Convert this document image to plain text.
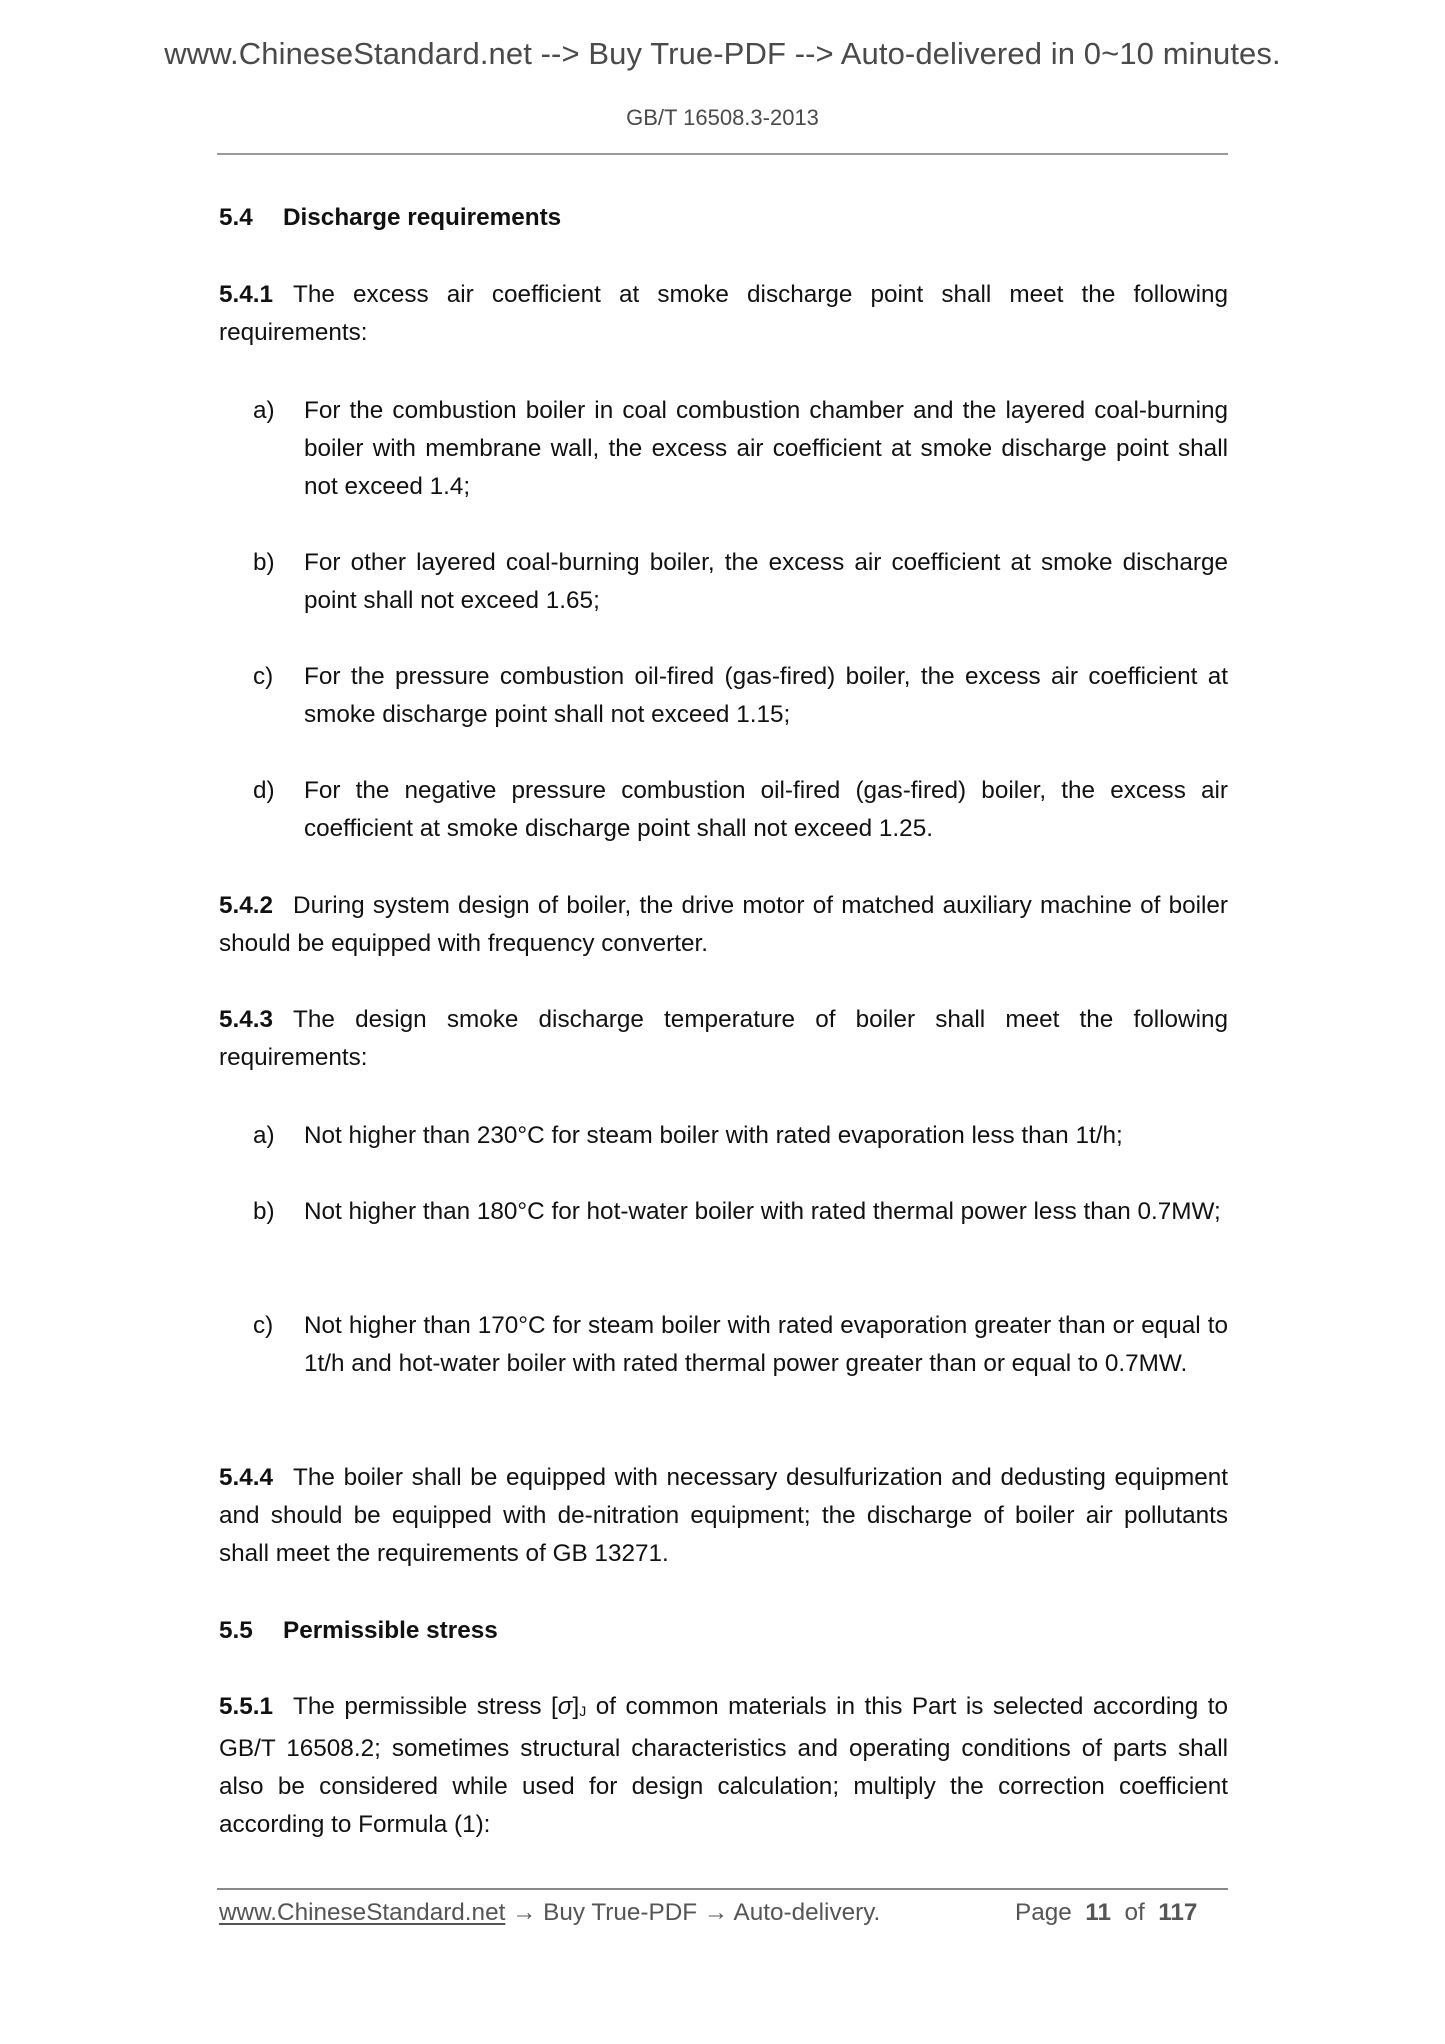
www.ChineseStandard.net --> Buy True-PDF --> Auto-delivered in 0~10 minutes.
GB/T 16508.3-2013
5.4 Discharge requirements
5.4.1 The excess air coefficient at smoke discharge point shall meet the following requirements:
a)	For the combustion boiler in coal combustion chamber and the layered coal-burning boiler with membrane wall, the excess air coefficient at smoke discharge point shall not exceed 1.4;
b)	For other layered coal-burning boiler, the excess air coefficient at smoke discharge point shall not exceed 1.65;
c)	For the pressure combustion oil-fired (gas-fired) boiler, the excess air coefficient at smoke discharge point shall not exceed 1.15;
d)	For the negative pressure combustion oil-fired (gas-fired) boiler, the excess air coefficient at smoke discharge point shall not exceed 1.25.
5.4.2 During system design of boiler, the drive motor of matched auxiliary machine of boiler should be equipped with frequency converter.
5.4.3 The design smoke discharge temperature of boiler shall meet the following requirements:
a)	Not higher than 230°C for steam boiler with rated evaporation less than 1t/h;
b)	Not higher than 180°C for hot-water boiler with rated thermal power less than 0.7MW;
c)	Not higher than 170°C for steam boiler with rated evaporation greater than or equal to 1t/h and hot-water boiler with rated thermal power greater than or equal to 0.7MW.
5.4.4 The boiler shall be equipped with necessary desulfurization and dedusting equipment and should be equipped with de-nitration equipment; the discharge of boiler air pollutants shall meet the requirements of GB 13271.
5.5 Permissible stress
5.5.1 The permissible stress [σ]J of common materials in this Part is selected according to GB/T 16508.2; sometimes structural characteristics and operating conditions of parts shall also be considered while used for design calculation; multiply the correction coefficient according to Formula (1):
www.ChineseStandard.net → Buy True-PDF → Auto-delivery.	Page 11 of 117
